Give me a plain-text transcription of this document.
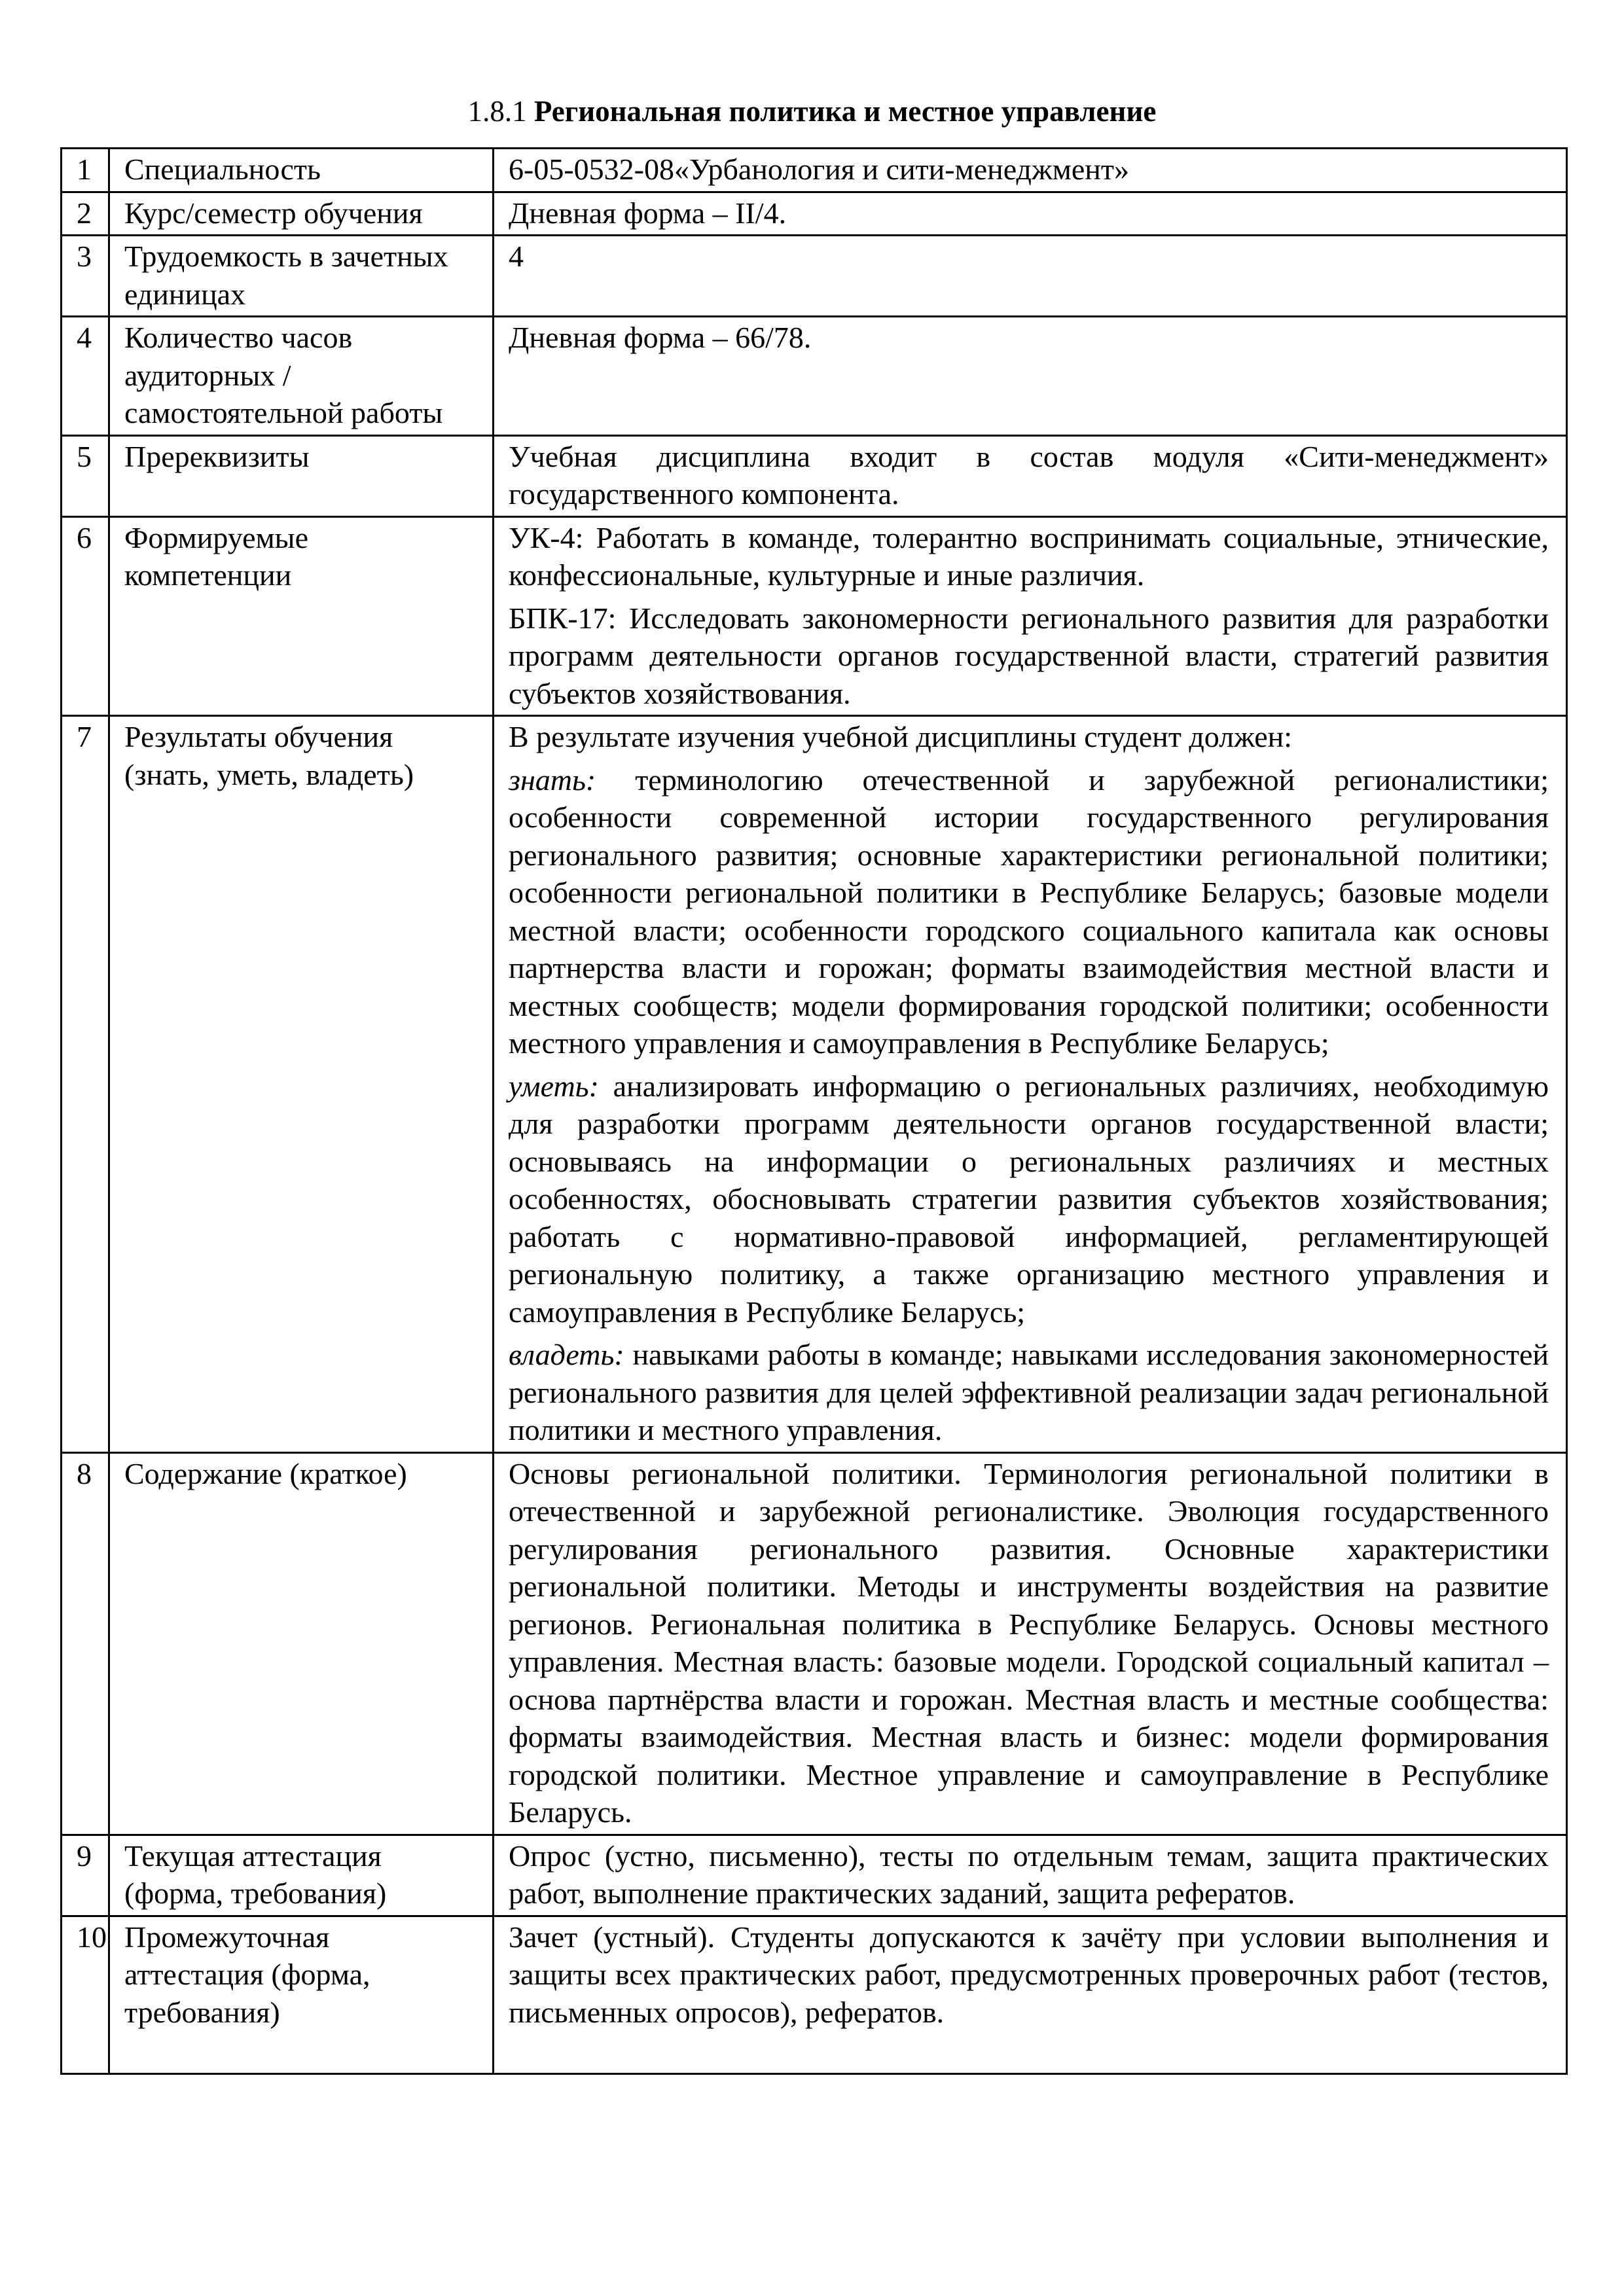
1.8.1 Региональная политика и местное управление
1	Специальность	6-05-0532-08«Урбанология и сити-менеджмент»
2	Курс/семестр обучения	Дневная форма – II/4.
3	Трудоемкость в зачетных единицах	4
4	Количество часов аудиторных / самостоятельной работы	Дневная форма – 66/78.
5	Пререквизиты	Учебная дисциплина входит в состав модуля «Сити-менеджмент» государственного компонента.
6	Формируемые компетенции	УК-4: Работать в команде, толерантно воспринимать социальные, этнические, конфессиональные, культурные и иные различия.

БПК-17: Исследовать закономерности регионального развития для разработки программ деятельности органов государственной власти, стратегий развития субъектов хозяйствования.

7	Результаты обучения (знать, уметь, владеть)	В результате изучения учебной дисциплины студент должен:

знать: терминологию отечественной и зарубежной регионалистики; особенности современной истории государственного регулирования регионального развития; основные характеристики региональной политики; особенности региональной политики в Республике Беларусь; базовые модели местной власти; особенности городского социального капитала как основы партнерства власти и горожан; форматы взаимодействия местной власти и местных сообществ; модели формирования городской политики; особенности местного управления и самоуправления в Республике Беларусь;

уметь: анализировать информацию о региональных различиях, необходимую для разработки программ деятельности органов государственной власти; основываясь на информации о региональных различиях и местных особенностях, обосновывать стратегии развития субъектов хозяйствования; работать с нормативно-правовой информацией, регламентирующей региональную политику, а также организацию местного управления и самоуправления в Республике Беларусь;

владеть: навыками работы в команде; навыками исследования закономерностей регионального развития для целей эффективной реализации задач региональной политики и местного управления.

8	Содержание (краткое)	Основы региональной политики. Терминология региональной политики в отечественной и зарубежной регионалистике. Эволюция государственного регулирования регионального развития. Основные характеристики региональной политики. Методы и инструменты воздействия на развитие регионов. Региональная политика в Республике Беларусь. Основы местного управления. Местная власть: базовые модели. Городской социальный капитал – основа партнёрства власти и горожан. Местная власть и местные сообщества: форматы взаимодействия. Местная власть и бизнес: модели формирования городской политики. Местное управление и самоуправление в Республике Беларусь.
9	Текущая аттестация (форма, требования)	Опрос (устно, письменно), тесты по отдельным темам, защита практических работ, выполнение практических заданий, защита рефератов.
10	Промежуточная аттестация (форма, требования)	Зачет (устный). Студенты допускаются к зачёту при условии выполнения и защиты всех практических работ, предусмотренных проверочных работ (тестов, письменных опросов), рефератов.
